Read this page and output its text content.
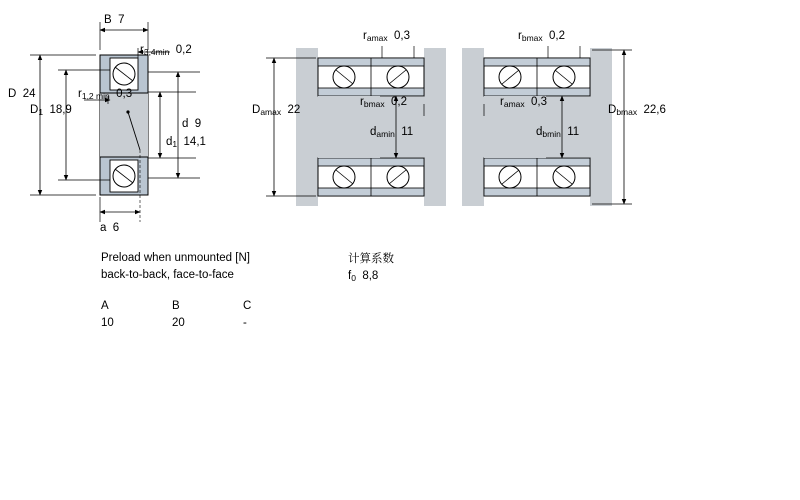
B 7
$r_{3,4min}$ 0,2
D 24
$D_1$ 18,9
$r_{1,2 min}$ 0,3
d 9
$d_1$ 14,1
a 6
$r_{amax}$ 0,3	$r_{bmax}$ 0,2
$D_{amax}$ 22
$r_{bmax}$ 0,2
$d_{amin}$ 11
$r_{amax}$ 0,3
$D_{bmax}$ 22,6
$d_{bmin}$ 11
Preload when unmounted [N]
back-to-back, face-to-face
A	B	C
10	20	-
计算系数
$f_0$ 8,8
